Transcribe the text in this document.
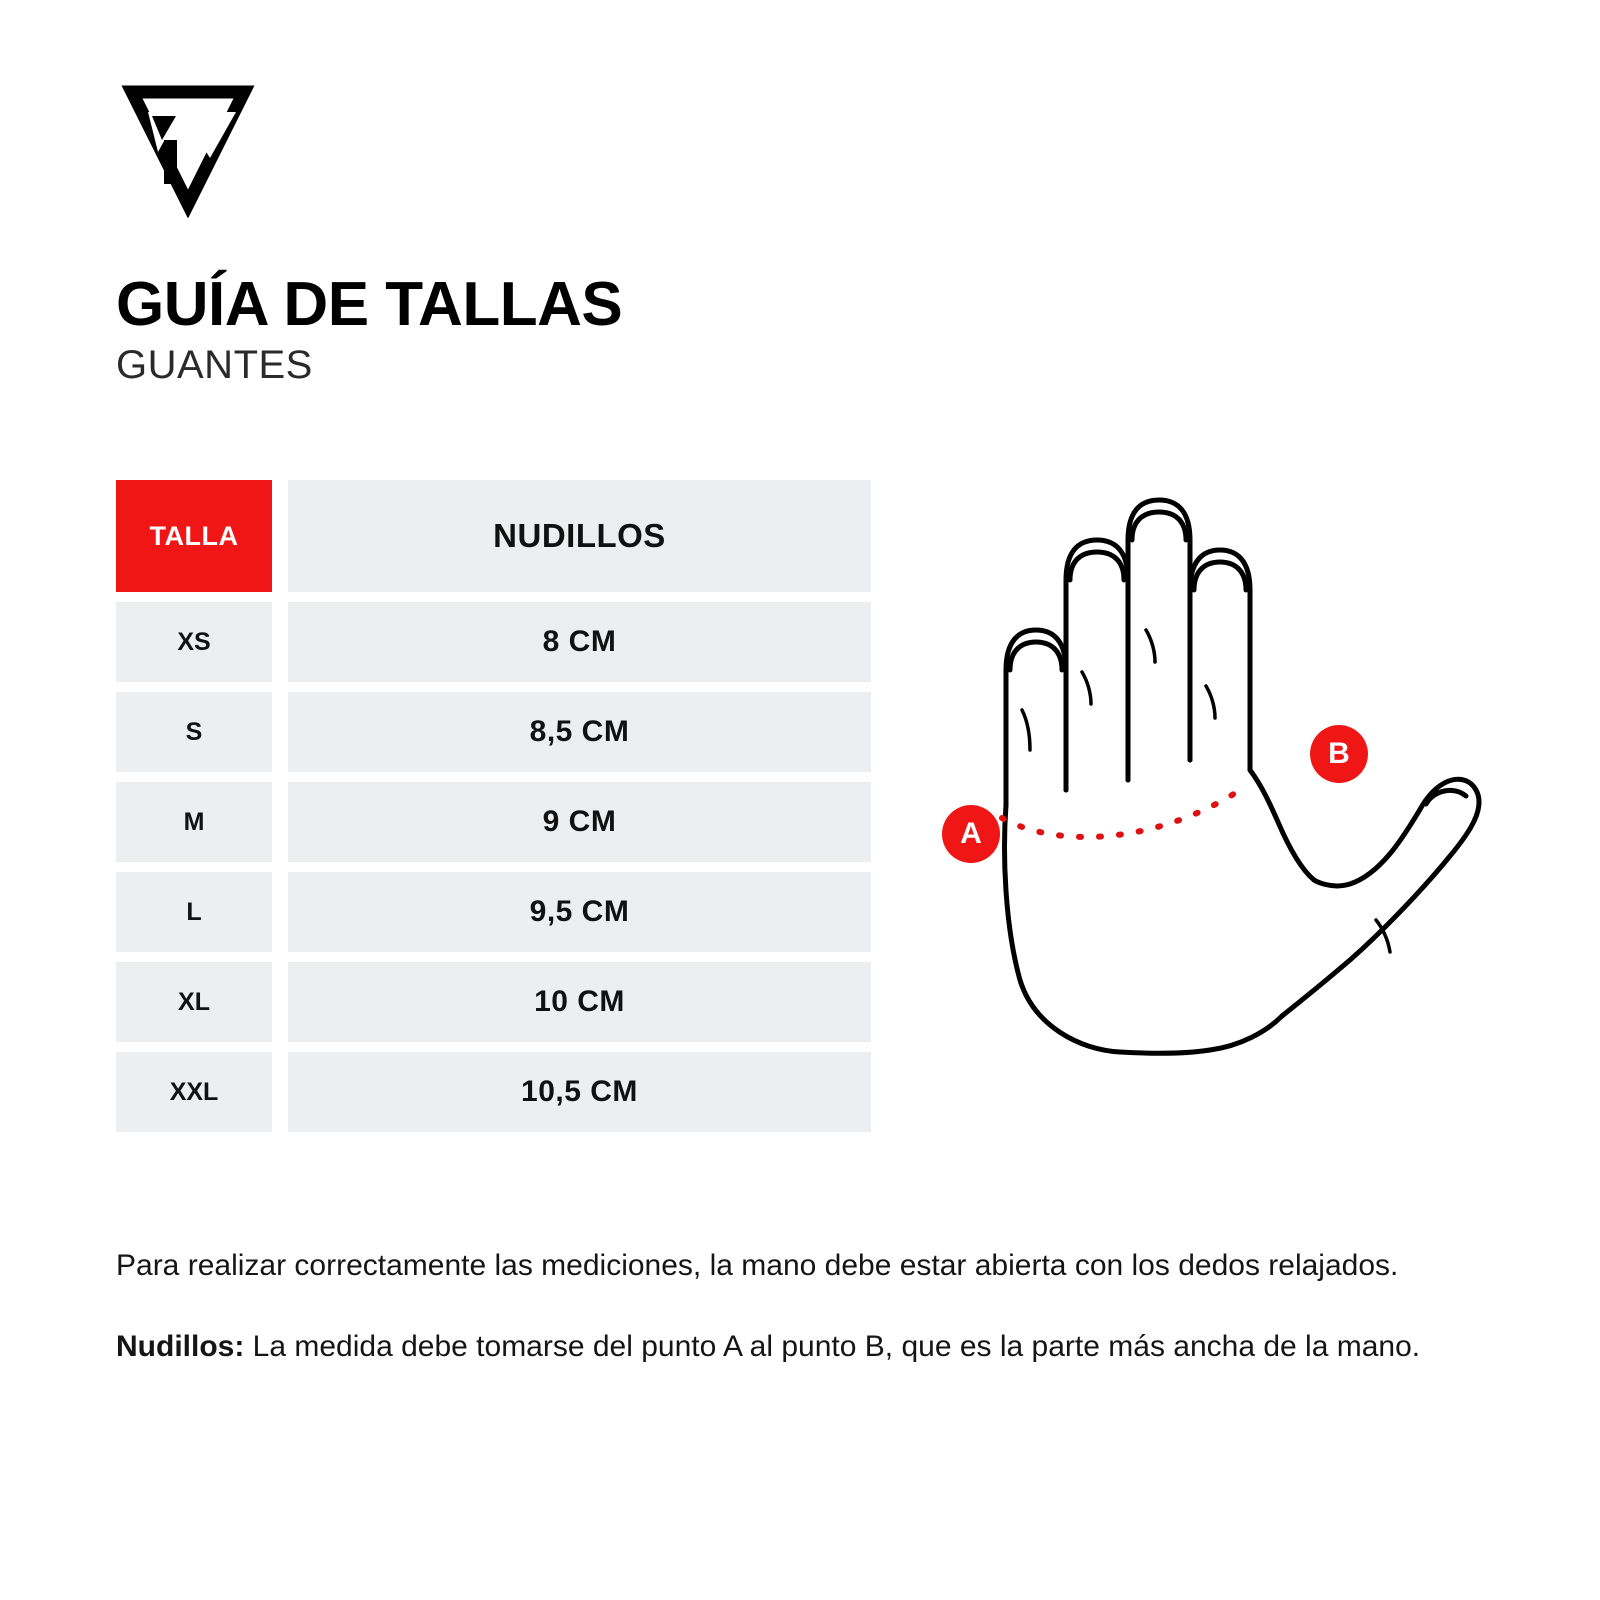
GUÍA DE TALLAS
GUANTES
TALLA	NUDILLOS
XS	8 CM
S	8,5 CM
M	9 CM
L	9,5 CM
XL	10 CM
XXL	10,5 CM
A
B

Para realizar correctamente las mediciones, la mano debe estar abierta con los dedos relajados.

Nudillos: La medida debe tomarse del punto A al punto B, que es la parte más ancha de la mano.
